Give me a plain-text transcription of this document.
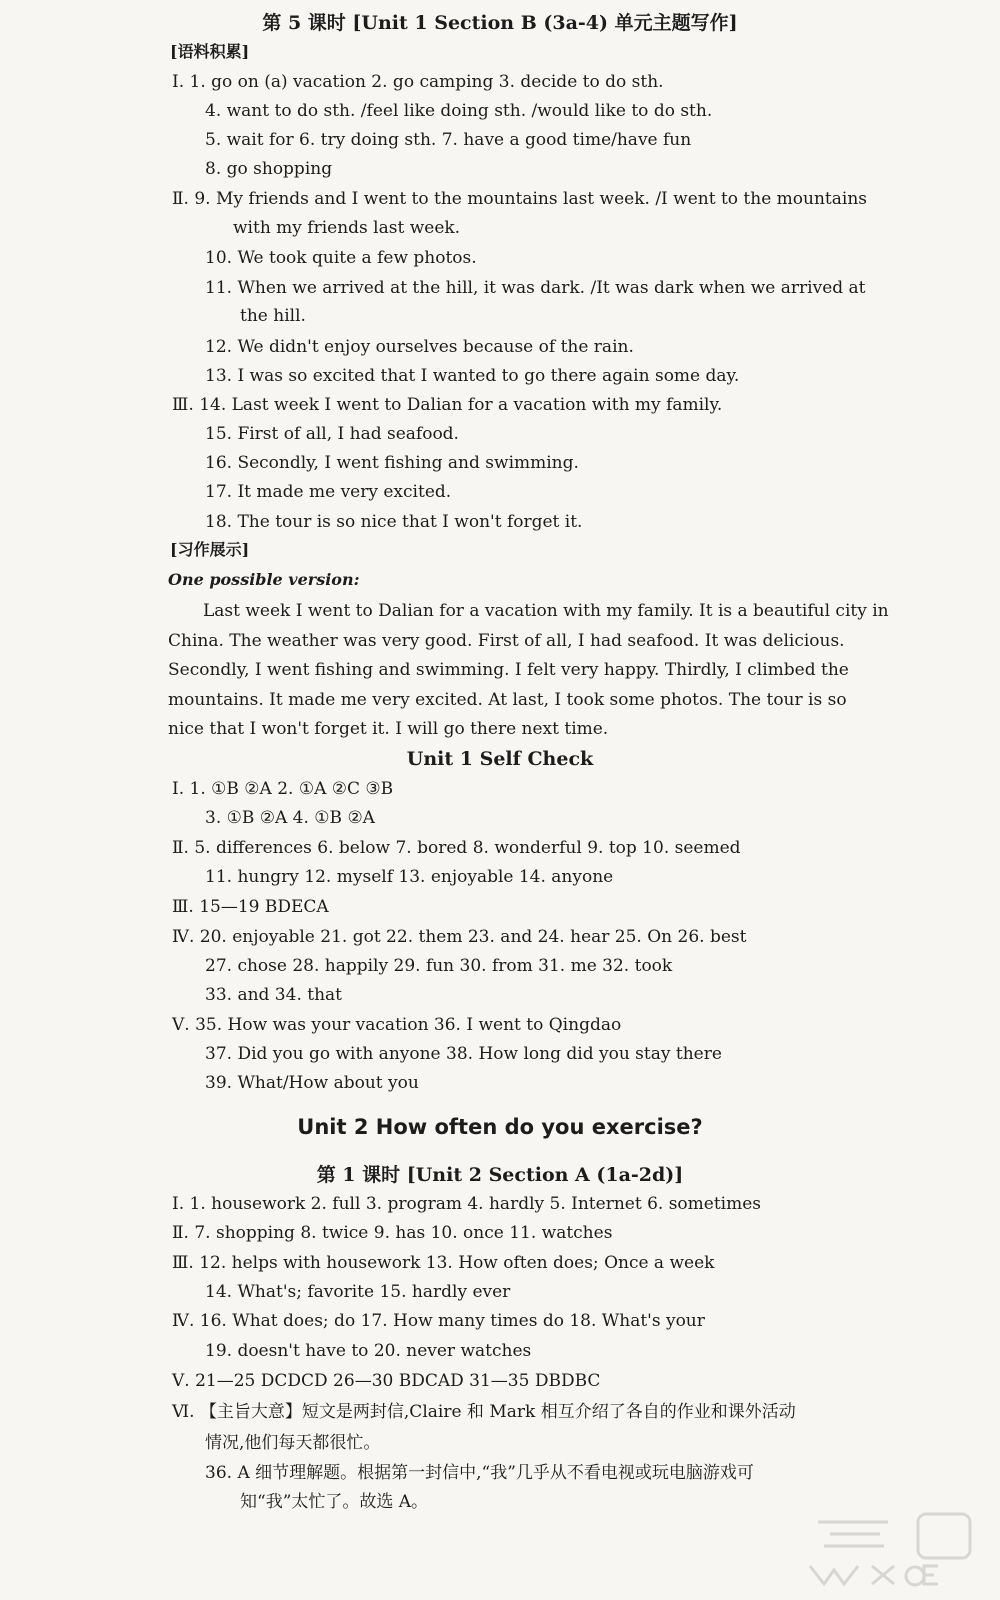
第 5 课时 [Unit 1 Section B (3a-4) 单元主题写作]
[语料积累]
Ⅰ. 1. go on (a) vacation 2. go camping 3. decide to do sth.
4. want to do sth. /feel like doing sth. /would like to do sth.
5. wait for 6. try doing sth. 7. have a good time/have fun
8. go shopping
Ⅱ. 9. My friends and I went to the mountains last week. /I went to the mountains
with my friends last week.
10. We took quite a few photos.
11. When we arrived at the hill, it was dark. /It was dark when we arrived at
the hill.
12. We didn't enjoy ourselves because of the rain.
13. I was so excited that I wanted to go there again some day.
Ⅲ. 14. Last week I went to Dalian for a vacation with my family.
15. First of all, I had seafood.
16. Secondly, I went fishing and swimming.
17. It made me very excited.
18. The tour is so nice that I won't forget it.
[习作展示]
One possible version:
Last week I went to Dalian for a vacation with my family. It is a beautiful city in
China. The weather was very good. First of all, I had seafood. It was delicious.
Secondly, I went fishing and swimming. I felt very happy. Thirdly, I climbed the
mountains. It made me very excited. At last, I took some photos. The tour is so
nice that I won't forget it. I will go there next time.
Unit 1 Self Check
Ⅰ. 1. ①B ②A 2. ①A ②C ③B
3. ①B ②A 4. ①B ②A
Ⅱ. 5. differences 6. below 7. bored 8. wonderful 9. top 10. seemed
11. hungry 12. myself 13. enjoyable 14. anyone
Ⅲ. 15—19 BDECA
Ⅳ. 20. enjoyable 21. got 22. them 23. and 24. hear 25. On 26. best
27. chose 28. happily 29. fun 30. from 31. me 32. took
33. and 34. that
Ⅴ. 35. How was your vacation 36. I went to Qingdao
37. Did you go with anyone 38. How long did you stay there
39. What/How about you
Unit 2 How often do you exercise?
第 1 课时 [Unit 2 Section A (1a-2d)]
Ⅰ. 1. housework 2. full 3. program 4. hardly 5. Internet 6. sometimes
Ⅱ. 7. shopping 8. twice 9. has 10. once 11. watches
Ⅲ. 12. helps with housework 13. How often does; Once a week
14. What's; favorite 15. hardly ever
Ⅳ. 16. What does; do 17. How many times do 18. What's your
19. doesn't have to 20. never watches
Ⅴ. 21—25 DCDCD 26—30 BDCAD 31—35 DBDBC
Ⅵ. 【主旨大意】短文是两封信,Claire 和 Mark 相互介绍了各自的作业和课外活动
情况,他们每天都很忙。
36. A 细节理解题。根据第一封信中,“我”几乎从不看电视或玩电脑游戏可
知“我”太忙了。故选 A。
